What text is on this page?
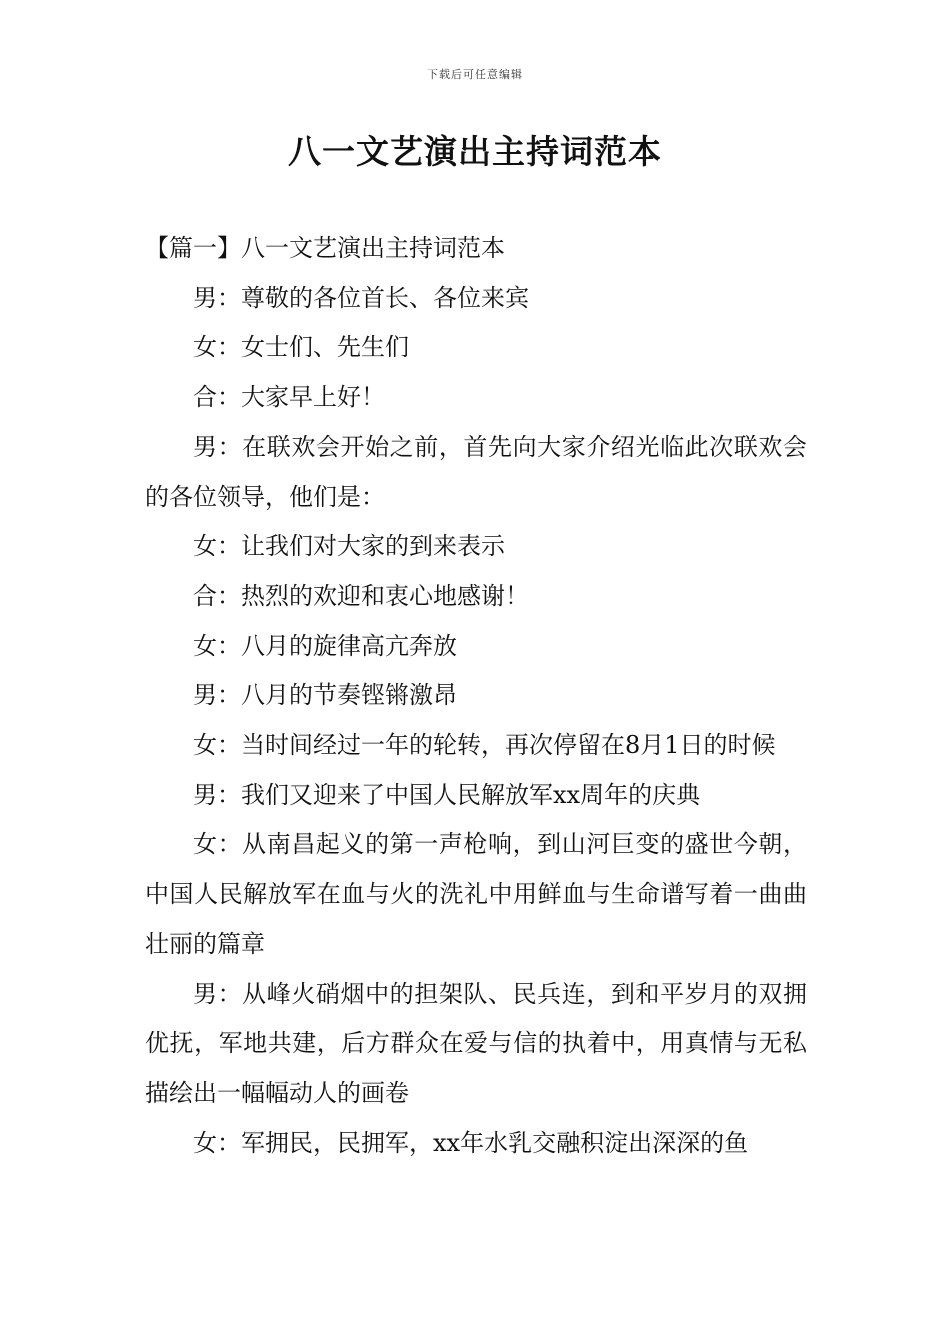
下载后可任意编辑
八一文艺演出主持词范本

【篇一】八一文艺演出主持词范本

男：尊敬的各位首长、各位来宾

女：女士们、先生们

合：大家早上好！

男：在联欢会开始之前，首先向大家介绍光临此次联欢会的各位领导，他们是：

女：让我们对大家的到来表示

合：热烈的欢迎和衷心地感谢！

女：八月的旋律高亢奔放

男：八月的节奏铿锵激昂

女：当时间经过一年的轮转，再次停留在8月1日的时候

男：我们又迎来了中国人民解放军xx周年的庆典

女：从南昌起义的第一声枪响，到山河巨变的盛世今朝，中国人民解放军在血与火的洗礼中用鲜血与生命谱写着一曲曲壮丽的篇章

男：从峰火硝烟中的担架队、民兵连，到和平岁月的双拥优抚，军地共建，后方群众在爱与信的执着中，用真情与无私描绘出一幅幅动人的画卷

女：军拥民，民拥军，xx年水乳交融积淀出深深的鱼
